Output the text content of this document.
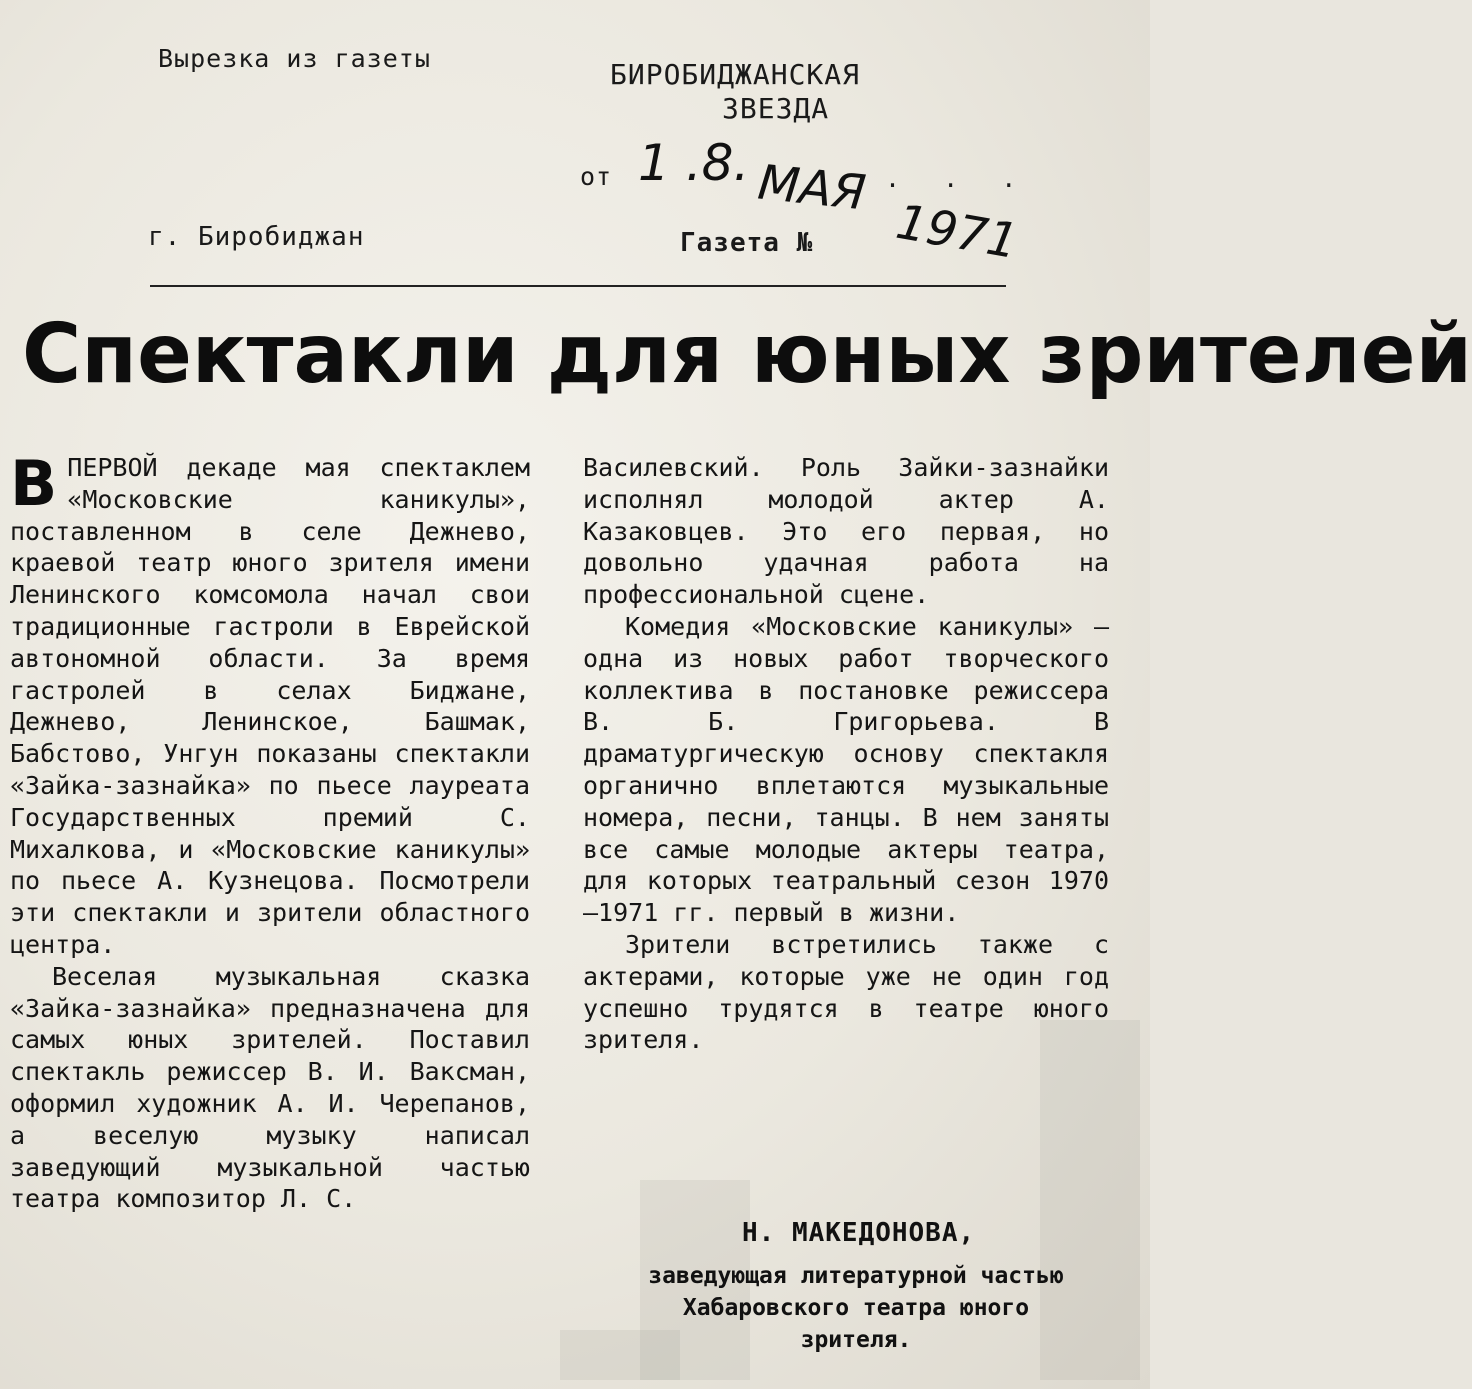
Вырезка из газеты	БИРОБИДЖАНСКАЯ
ЗВЕЗДА
от 1 .8. МАЯ . . .
г. Биробиджан	Газета № 1971
Спектакли для юных зрителей

ВПЕРВОЙ декаде мая спектаклем «Московские каникулы», поставленном в селе Дежнево, краевой театр юного зрителя имени Ленинского комсомола начал свои традиционные гастроли в Еврейской автономной области. За время гастролей в селах Биджане, Дежнево, Ленинское, Башмак, Бабстово, Унгун показаны спектакли «Зайка-зазнайка» по пьесе лауреата Государственных премий С. Михалкова, и «Московские каникулы» по пьесе А. Кузнецова. Посмотрели эти спектакли и зрители областного центра.

Веселая музыкальная сказка «Зайка-зазнайка» предназначена для самых юных зрителей. Поставил спектакль режиссер В. И. Ваксман, оформил художник А. И. Черепанов, а веселую музыку написал заведующий музыкальной частью театра композитор Л. С.

Василевский. Роль Зайки-зазнайки исполнял молодой актер А. Казаковцев. Это его первая, но довольно удачная работа на профессиональной сцене.

Комедия «Московские каникулы» — одна из новых работ творческого коллектива в постановке режиссера В. Б. Григорьева. В драматургическую основу спектакля органично вплетаются музыкальные номера, песни, танцы. В нем заняты все самые молодые актеры театра, для которых театральный сезон 1970—1971 гг. первый в жизни.

Зрители встретились также с актерами, которые уже не один год успешно трудятся в театре юного зрителя.

Н. МАКЕДОНОВА,
заведующая литературной частью Хабаровского театра юного зрителя.
